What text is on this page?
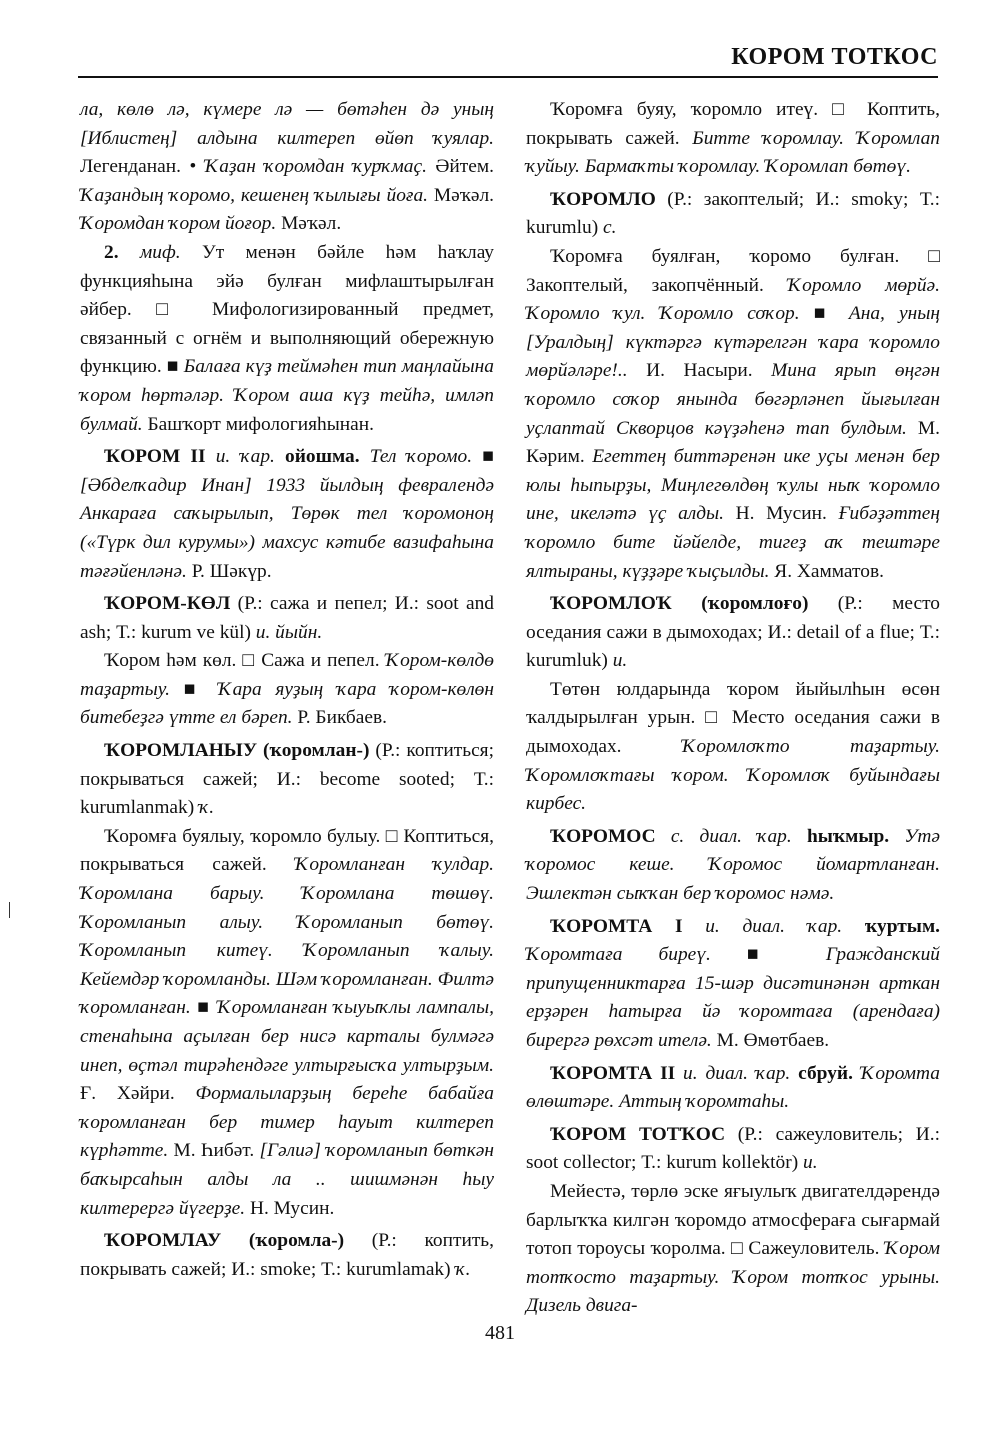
КОРОМ ТОТКОС

ла, көлө лә, күмере лә — бөтәһен дә уның [Иблистең] алдына килтереп өйөп ҡуялар. Легенданан. • Ҡаҙан ҡоромдан ҡурҡмаҫ. Әйтем. Ҡаҙандың ҡоромо, кешенең ҡылығы йоға. Мәҡәл. Ҡоромдан ҡором йоғор. Мәҡәл.

2. миф. Ут менән бәйле һәм һаҡлау функцияһына эйә булған мифлаштырылған әйбер. □ Мифологизированный предмет, связанный с огнём и выполняющий обережную функцию. ■ Балаға күҙ теймәһен тип маңлайына ҡором һөртәләр. Ҡором аша күҙ тейһә, имләп булмай. Башҡорт мифологияһынан.

ҠОРОМ II и. ҡар. ойошма. Тел ҡоромо. ■ [Әбделҡадир Инан] 1933 йылдың февралендә Анкараға саҡырылып, Төрөк тел ҡоромоноң («Түрк дил курумы») махсус кәтибе вазифаһына тәғәйенләнә. Р. Шәкүр.

ҠОРОМ-КӨЛ (Р.: сажа и пепел; И.: soot and ash; Т.: kurum ve kül) и. йыйн.

Ҡором һәм көл. □ Сажа и пепел. Ҡором-көлдө таҙартыу. ■ Ҡара яуҙың ҡара ҡором-көлөн битебеҙгә үтте ел бәреп. Р. Бикбаев.

ҠОРОМЛАНЫУ (ҡоромлан-) (Р.: коптиться; покрываться сажей; И.: become sooted; Т.: kurumlanmak) ҡ.

Ҡоромға буялыу, ҡоромло булыу. □ Коптиться, покрываться сажей. Ҡоромланған ҡулдар. Ҡоромлана барыу. Ҡоромлана төшөү. Ҡоромланып алыу. Ҡоромланып бөтөү. Ҡоромланып китеү. Ҡоромланып ҡалыу. Кейемдәр ҡоромланды. Шәм ҡоромланған. Филтә ҡоромланған. ■ Ҡоромланған ҡыуыҡлы лампалы, стенаһына аҫылған бер нисә карталы булмәгә инеп, өҫтәл тирәһендәге ултырғысҡа ултырҙым. Ғ. Хәйри. Формалыларҙың береһе бабайға ҡоромланған бер тимер һауыт килтереп күрһәтте. М. Һибәт. [Гәлиә] ҡоромланып бөткән баҡырсаһын алды ла .. шишмәнән һыу килтерергә йүгерҙе. Н. Мусин.

ҠОРОМЛАУ (ҡоромла-) (Р.: коптить, покрывать сажей; И.: smoke; Т.: kurumlamak) ҡ.

Ҡоромға буяу, ҡоромло итеү. □ Коптить, покрывать сажей. Битте ҡоромлау. Ҡоромлап ҡуйыу. Бармаҡты ҡоромлау. Ҡоромлап бөтөү.

ҠОРОМЛО (Р.: закоптелый; И.: smoky; Т.: kurumlu) с.

Ҡоромға буялған, ҡоромо булған. □ Закоптелый, закопчённый. Ҡоромло мөрйә. Ҡоромло ҡул. Ҡоромло соҡор. ■ Ана, уның [Уралдың] күктәргә күтәрелгән ҡара ҡоромло мөрйәләре!.. И. Насыри. Мина ярып өңгән ҡоромло соҡор янында бөгәрләнеп йығылған уҫлаптай Скворцов кәүҙәһенә тап булдым. М. Кәрим. Егеттең биттәренән ике уҫы менән бер юлы һыпырҙы, Миңлегөлдөң ҡулы ныҡ ҡоромло ине, икеләтә үҫ алды. Н. Мусин. Ғибәҙәттең ҡоромло бите йәйелде, тигеҙ аҡ тештәре ялтыраны, күҙҙәре ҡыҫылды. Я. Хамматов.

ҠОРОМЛОҠ (ҡоромлоғо) (Р.: место оседания сажи в дымоходах; И.: detail of a flue; Т.: kurumluk) и.

Төтөн юлдарында ҡором йыйылһын өсөн ҡалдырылған урын. □ Место оседания сажи в дымоходах. Ҡоромлоҡто таҙартыу. Ҡоромлоҡтағы ҡором. Ҡоромлоҡ буйындағы кирбес.

ҠОРОМОС с. диал. ҡар. һыҡмыр. Утә ҡоромос кеше. Ҡоромос йомартланған. Эшлектән сыҡҡан бер ҡоромос нәмә.

ҠОРОМТА I и. диал. ҡар. ҡуртым. Ҡоромтаға биреү. ■ Гражданский припущенниктарға 15-шәр дисәтинәнән арткан ерҙәрен һатырға йә ҡоромтаға (арендаға) бирергә рөхсәт ителә. М. Өмөтбаев.

ҠОРОМТА II и. диал. ҡар. сбруй. Ҡоромта өлөштәре. Аттың ҡоромтаһы.

ҠОРОМ ТОТҠОС (Р.: сажеуловитель; И.: soot collector; Т.: kurum kollektör) и.

Мейестә, төрлө эске яғыулыҡ двигателдәрендә барлыҡҡа килгән ҡоромдо атмосфераға сығармай тотоп тороусы ҡоролма. □ Сажеуловитель. Ҡором тотҡосто таҙартыу. Ҡором тотҡос урыны. Дизель двига-

481
